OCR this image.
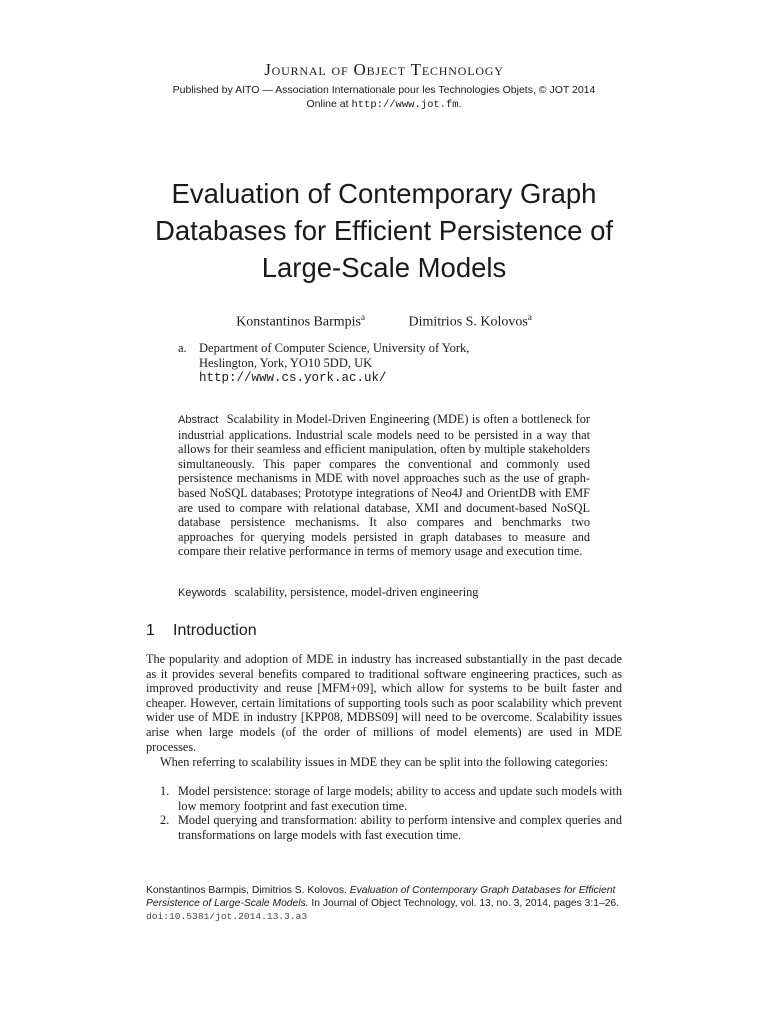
Journal of Object Technology
Published by AITO — Association Internationale pour les Technologies Objets, © JOT 2014
Online at http://www.jot.fm.
Evaluation of Contemporary Graph
Databases for Efficient Persistence of
Large-Scale Models
Konstantinos Barmpis$^a$	Dimitrios S. Kolovos$^a$
a. Department of Computer Science, University of York,
Heslington, York, YO10 5DD, UK
http://www.cs.york.ac.uk/

Abstract Scalability in Model-Driven Engineering (MDE) is often a bottleneck for industrial applications. Industrial scale models need to be persisted in a way that allows for their seamless and efficient manipulation, often by multiple stakeholders simultaneously. This paper compares the conventional and commonly used persistence mechanisms in MDE with novel approaches such as the use of graph-based NoSQL databases; Prototype integrations of Neo4J and OrientDB with EMF are used to compare with relational database, XMI and document-based NoSQL database persistence mechanisms. It also compares and benchmarks two approaches for querying models persisted in graph databases to measure and compare their relative performance in terms of memory usage and execution time.

Keywords scalability, persistence, model-driven engineering
1 Introduction

The popularity and adoption of MDE in industry has increased substantially in the past decade as it provides several benefits compared to traditional software engineering practices, such as improved productivity and reuse [MFM+09], which allow for systems to be built faster and cheaper. However, certain limitations of supporting tools such as poor scalability which prevent wider use of MDE in industry [KPP08, MDBS09] will need to be overcome. Scalability issues arise when large models (of the order of millions of model elements) are used in MDE processes.

When referring to scalability issues in MDE they can be split into the following categories:

1. Model persistence: storage of large models; ability to access and update such models with low memory footprint and fast execution time.
2. Model querying and transformation: ability to perform intensive and complex queries and transformations on large models with fast execution time.

Konstantinos Barmpis, Dimitrios S. Kolovos. Evaluation of Contemporary Graph Databases for Efficient Persistence of Large-Scale Models. In Journal of Object Technology, vol. 13, no. 3, 2014, pages 3:1–26. doi:10.5381/jot.2014.13.3.a3
